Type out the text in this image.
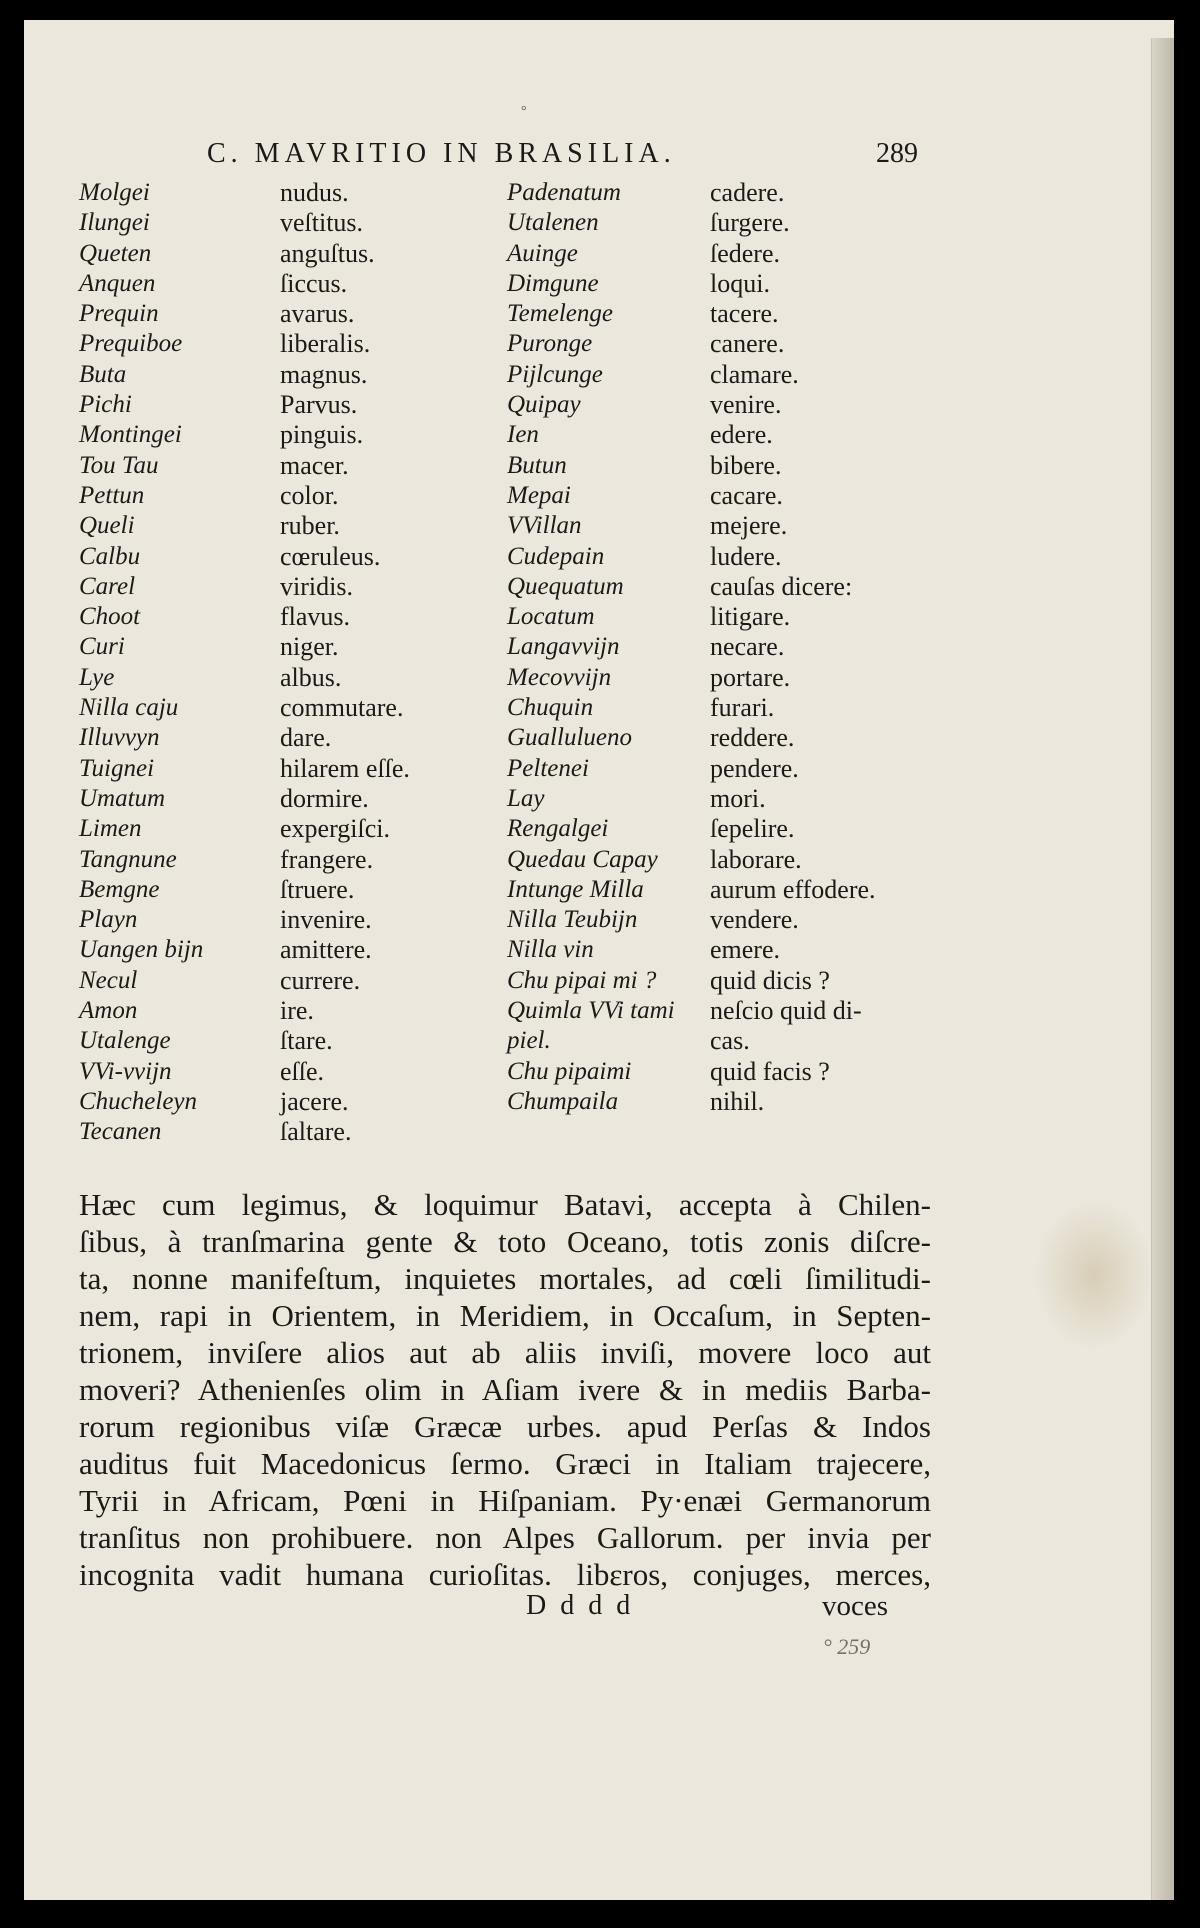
°
C. MAVRITIO IN BRASILIA.	289
Molgei
Ilungei
Queten
Anquen
Prequin
Prequiboe
Buta
Pichi
Montingei
Tou Tau
Pettun
Queli
Calbu
Carel
Choot
Curi
Lye
Nilla caju
Illuvvyn
Tuignei
Umatum
Limen
Tangnune
Bemgne
Playn
Uangen bijn
Necul
Amon
Utalenge
VVi-vvijn
Chucheleyn
Tecanen
nudus.
veſtitus.
anguſtus.
ſiccus.
avarus.
liberalis.
magnus.
Parvus.
pinguis.
macer.
color.
ruber.
cœruleus.
viridis.
flavus.
niger.
albus.
commutare.
dare.
hilarem eſſe.
dormire.
expergiſci.
frangere.
ſtruere.
invenire.
amittere.
currere.
ire.
ſtare.
eſſe.
jacere.
ſaltare.
Padenatum
Utalenen
Auinge
Dimgune
Temelenge
Puronge
Pijlcunge
Quipay
Ien
Butun
Mepai
VVillan
Cudepain
Quequatum
Locatum
Langavvijn
Mecovvijn
Chuquin
Guallulueno
Peltenei
Lay
Rengalgei
Quedau Capay
Intunge Milla
Nilla Teubijn
Nilla vin
Chu pipai mi ?
Quimla VVi tami
piel.
Chu pipaimi
Chumpaila
cadere.
ſurgere.
ſedere.
loqui.
tacere.
canere.
clamare.
venire.
edere.
bibere.
cacare.
mejere.
ludere.
cauſas dicere:
litigare.
necare.
portare.
furari.
reddere.
pendere.
mori.
ſepelire.
laborare.
aurum effodere.
vendere.
emere.
quid dicis ?
neſcio quid di-
cas.
quid facis ?
nihil.
Hæc cum legimus, & loquimur Batavi, accepta à Chilen-
ſibus, à tranſmarina gente & toto Oceano, totis zonis diſcre-
ta, nonne manifeſtum, inquietes mortales, ad cœli ſimilitudi-
nem, rapi in Orientem, in Meridiem, in Occaſum, in Septen-
trionem, inviſere alios aut ab aliis inviſi, movere loco aut
moveri? Athenienſes olim in Aſiam ivere & in mediis Barba-
rorum regionibus viſæ Græcæ urbes. apud Perſas & Indos
auditus fuit Macedonicus ſermo. Græci in Italiam trajecere,
Tyrii in Africam, Pœni in Hiſpaniam. Py·enæi Germanorum
tranſitus non prohibuere. non Alpes Gallorum. per invia per
incognita vadit humana curioſitas. libεros, conjuges, merces,
Dddd	voces
° 259
